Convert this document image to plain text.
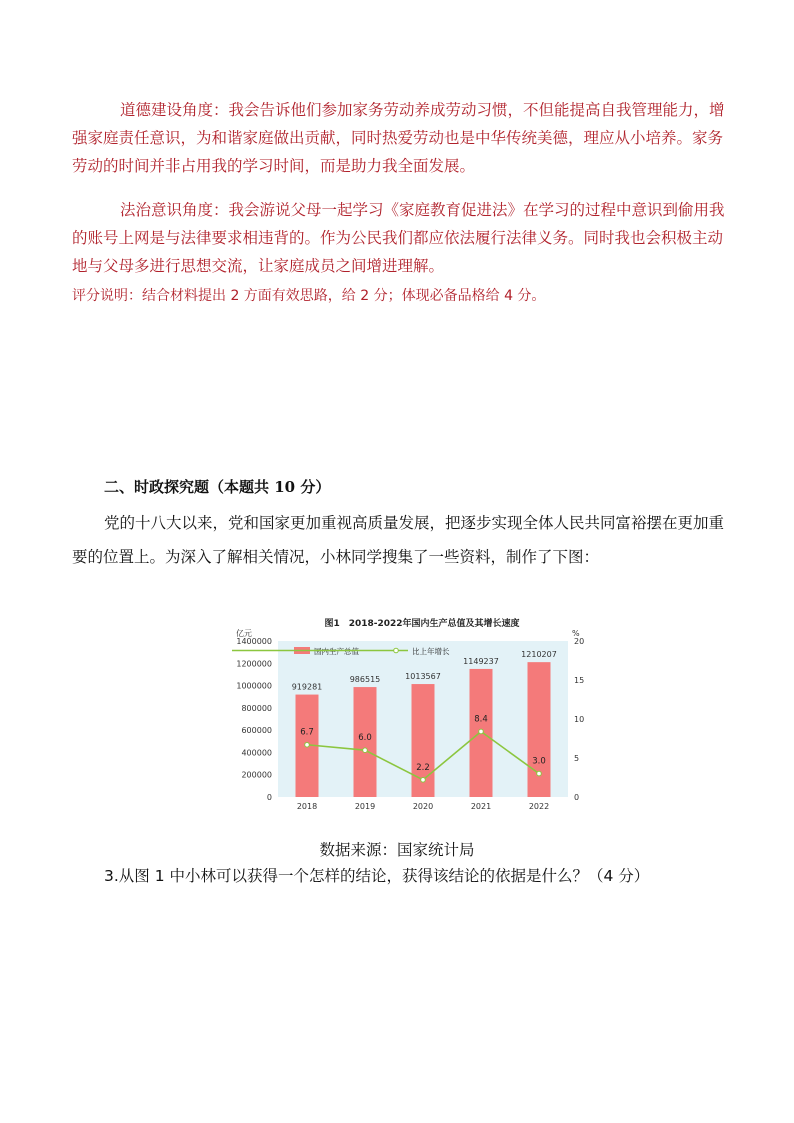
道德建设角度：我会告诉他们参加家务劳动养成劳动习惯，不但能提高自我管理能力，增强家庭责任意识，为和谐家庭做出贡献，同时热爱劳动也是中华传统美德，理应从小培养。家务劳动的时间并非占用我的学习时间，而是助力我全面发展。
法治意识角度：我会游说父母一起学习《家庭教育促进法》在学习的过程中意识到偷用我的账号上网是与法律要求相违背的。作为公民我们都应依法履行法律义务。同时我也会积极主动地与父母多进行思想交流，让家庭成员之间增进理解。
评分说明：结合材料提出 2 方面有效思路，给 2 分；体现必备品格给 4 分。
二、时政探究题（本题共 10 分）
党的十八大以来，党和国家更加重视高质量发展，把逐步实现全体人民共同富裕摆在更加重要的位置上。为深入了解相关情况，小林同学搜集了一些资料，制作了下图：
图1　2018-2022年国内生产总值及其增长速度
亿元	%
0
200000
400000
600000
800000
1000000
1200000
1400000
0
5
10
15
20
919281
986515	1013567
1149237
1210207
6.7
6.0
2.2
8.4
3.0
2018	2019	2020	2021	2022
国内生产总值	比上年增长
数据来源：国家统计局
3.从图 1 中小林可以获得一个怎样的结论，获得该结论的依据是什么？（4 分）
